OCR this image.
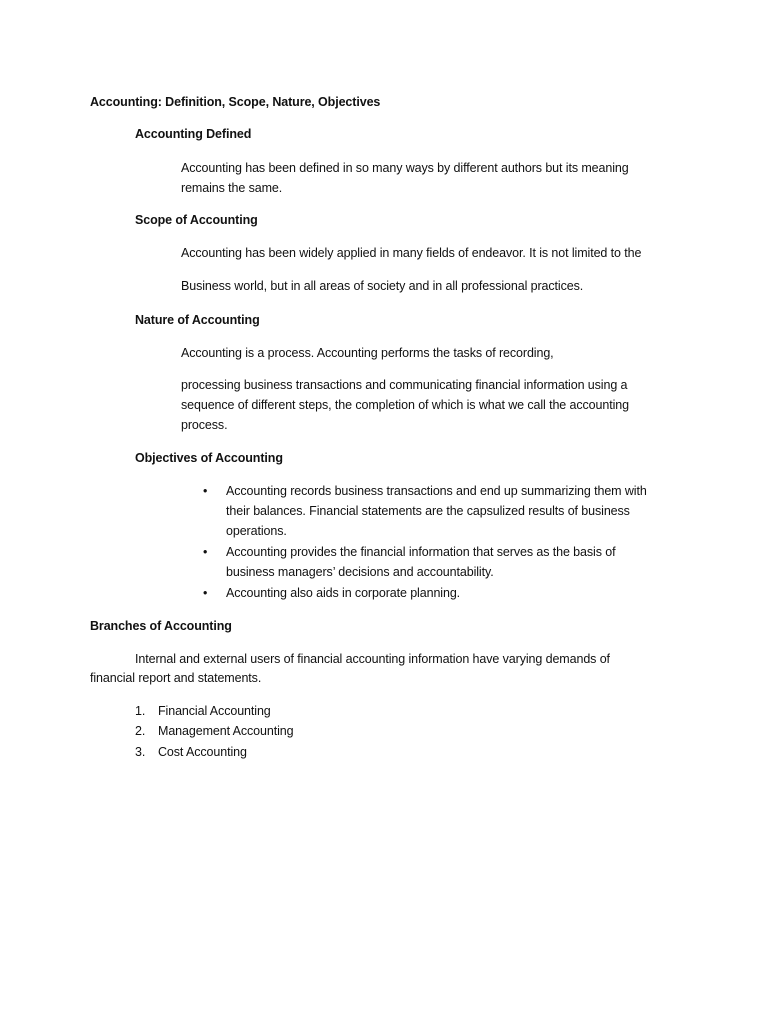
Accounting: Definition, Scope, Nature, Objectives
Accounting Defined
Accounting has been defined in so many ways by different authors but its meaning
remains the same.
Scope of Accounting
Accounting has been widely applied in many fields of endeavor. It is not limited to the
Business world, but in all areas of society and in all professional practices.
Nature of Accounting
Accounting is a process. Accounting performs the tasks of recording,
processing business transactions and communicating financial information using a
sequence of different steps, the completion of which is what we call the accounting
process.
Objectives of Accounting
• Accounting records business transactions and end up summarizing them with
their balances. Financial statements are the capsulized results of business
operations.
• Accounting provides the financial information that serves as the basis of
business managers’ decisions and accountability.
• Accounting also aids in corporate planning.
Branches of Accounting
Internal and external users of financial accounting information have varying demands of
financial report and statements.
1. Financial Accounting
2. Management Accounting
3. Cost Accounting
